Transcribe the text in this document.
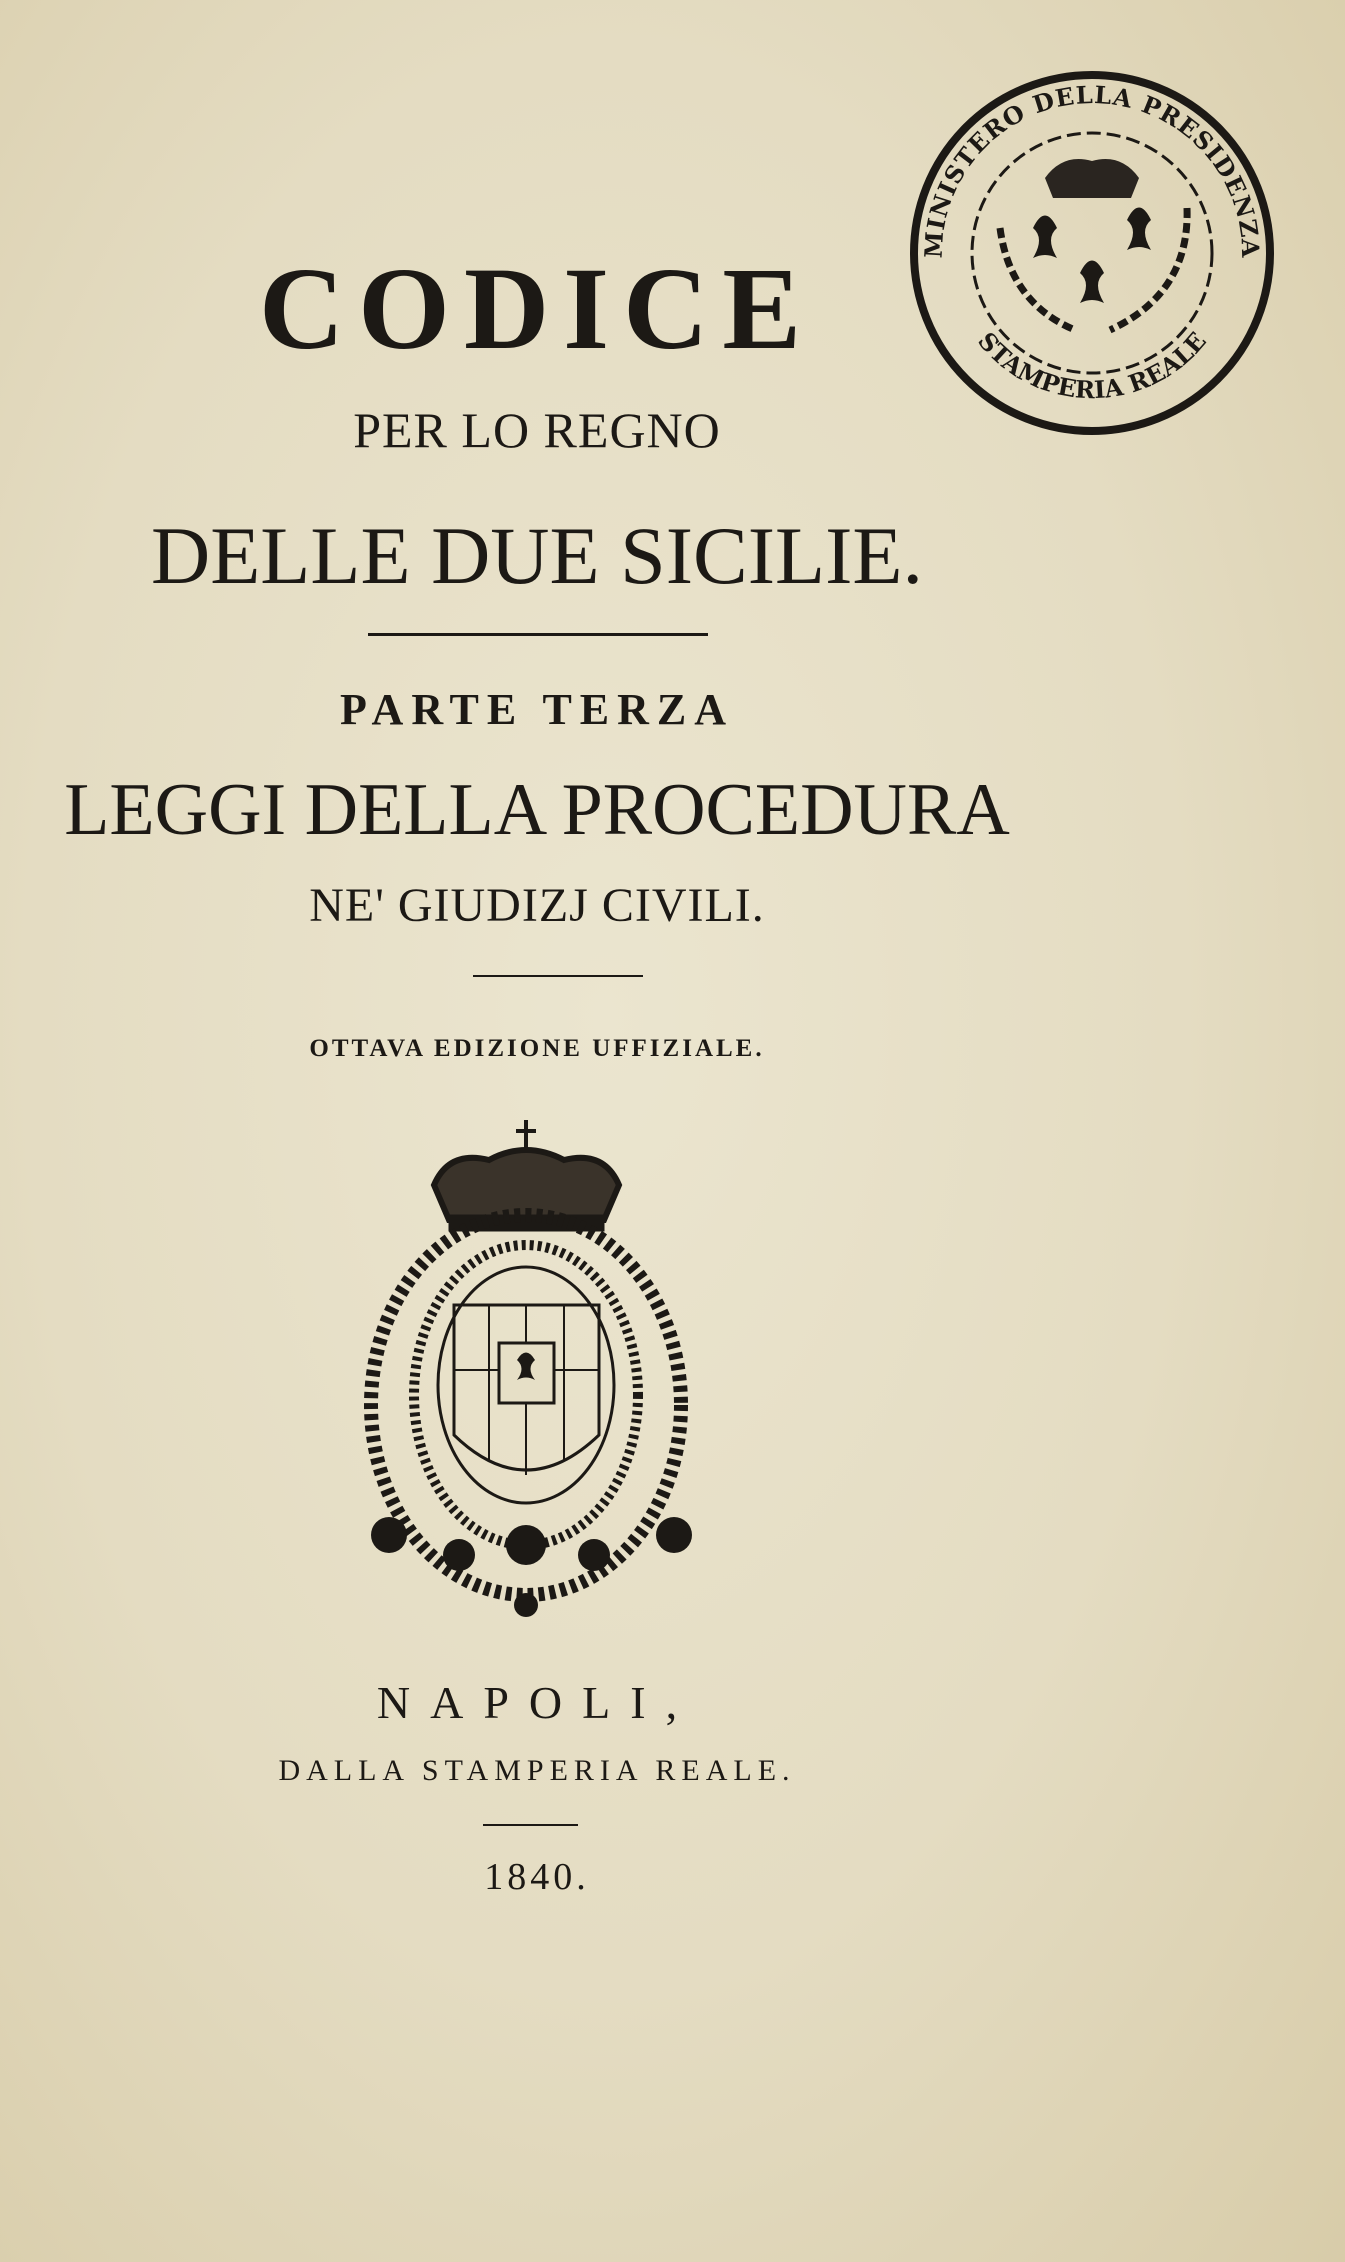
CODICE
PER LO REGNO
DELLE DUE SICILIE.
PARTE TERZA
LEGGI DELLA PROCEDURA
NE' GIUDIZJ CIVILI.
OTTAVA EDIZIONE UFFIZIALE.
NAPOLI,
DALLA STAMPERIA REALE.
1840.
MINISTERO DELLA PRESIDENZA
STAMPERIA REALE
